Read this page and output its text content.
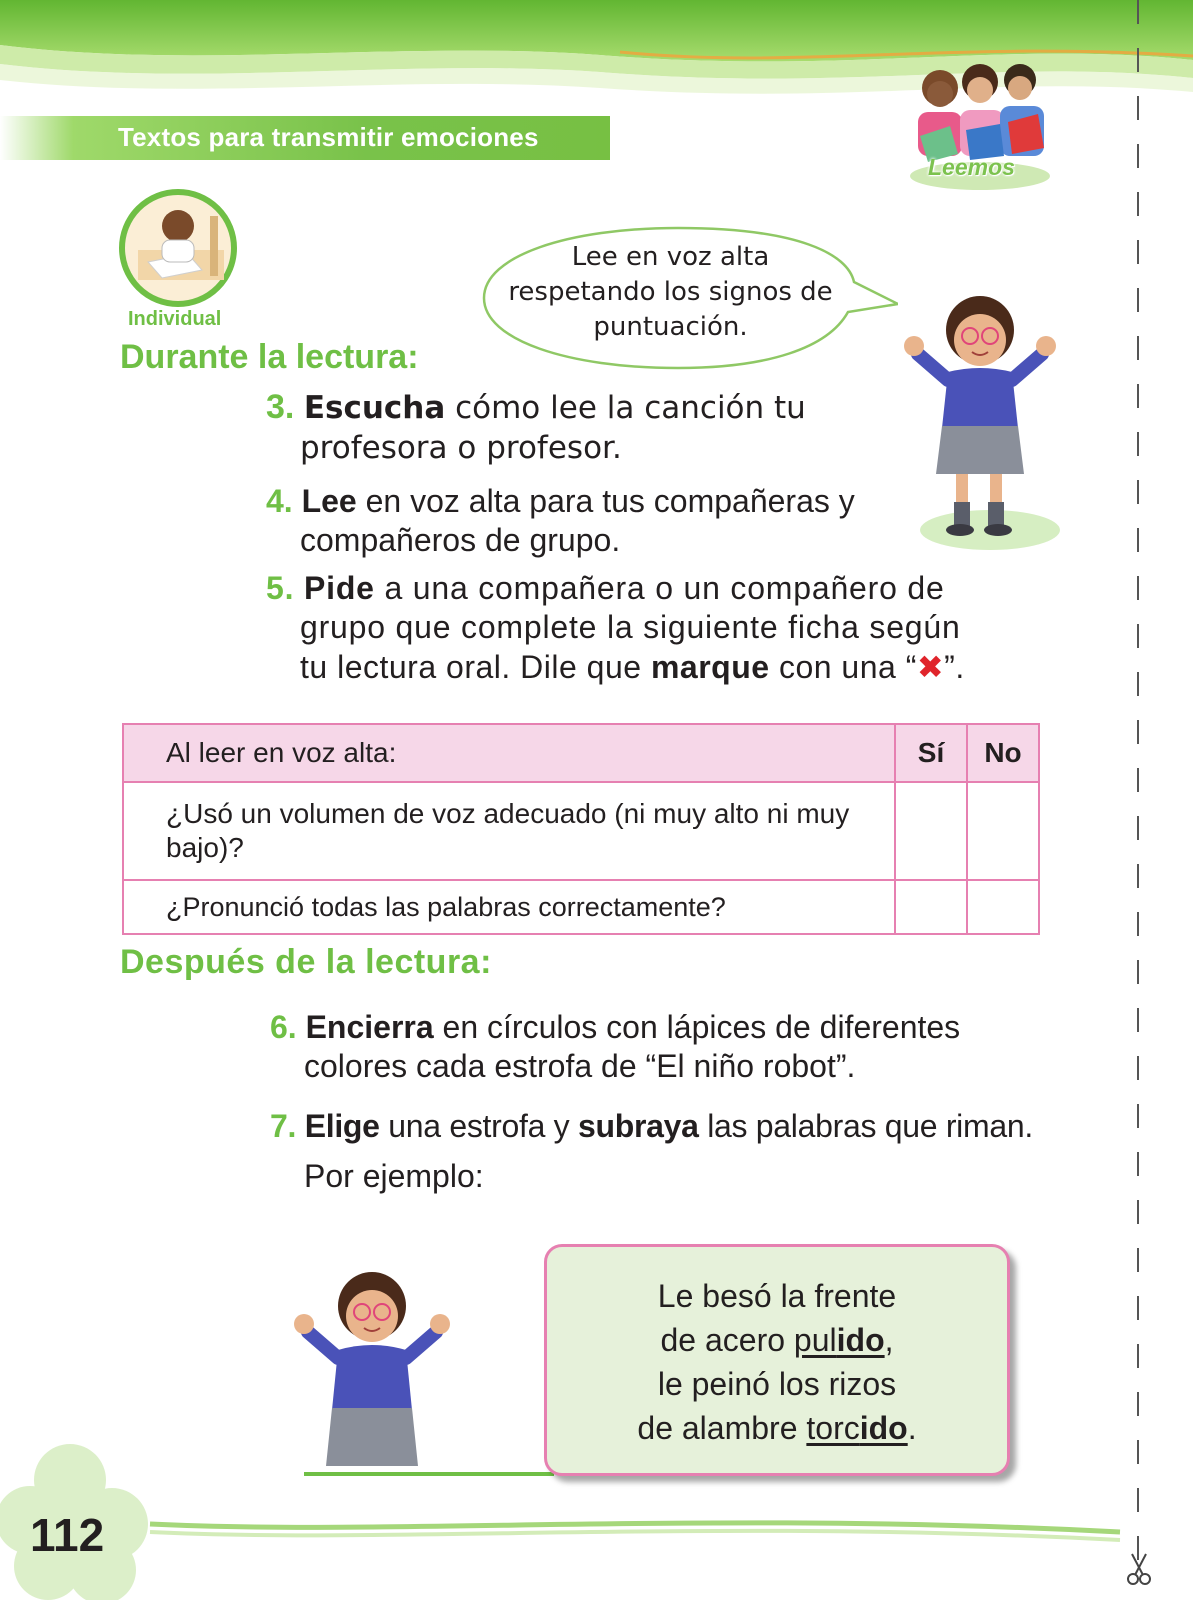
Textos para transmitir emociones
Leemos
Individual
Durante la lectura:
Lee en voz alta
respetando los signos de
puntuación.
3. Escucha cómo lee la canción tu
profesora o profesor.
4. Lee en voz alta para tus compañeras y
compañeros de grupo.
5. Pide a una compañera o un compañero de
grupo que complete la siguiente ficha según
tu lectura oral. Dile que marque con una “✖”.
Al leer en voz alta:	Sí	No
¿Usó un volumen de voz adecuado (ni muy alto ni muy bajo)?		
¿Pronunció todas las palabras correctamente?		
Después de la lectura:
6. Encierra en círculos con lápices de diferentes
colores cada estrofa de “El niño robot”.
7. Elige una estrofa y subraya las palabras que riman.
Por ejemplo:
Le besó la frente
de acero pulido,
le peinó los rizos
de alambre torcido.
112
